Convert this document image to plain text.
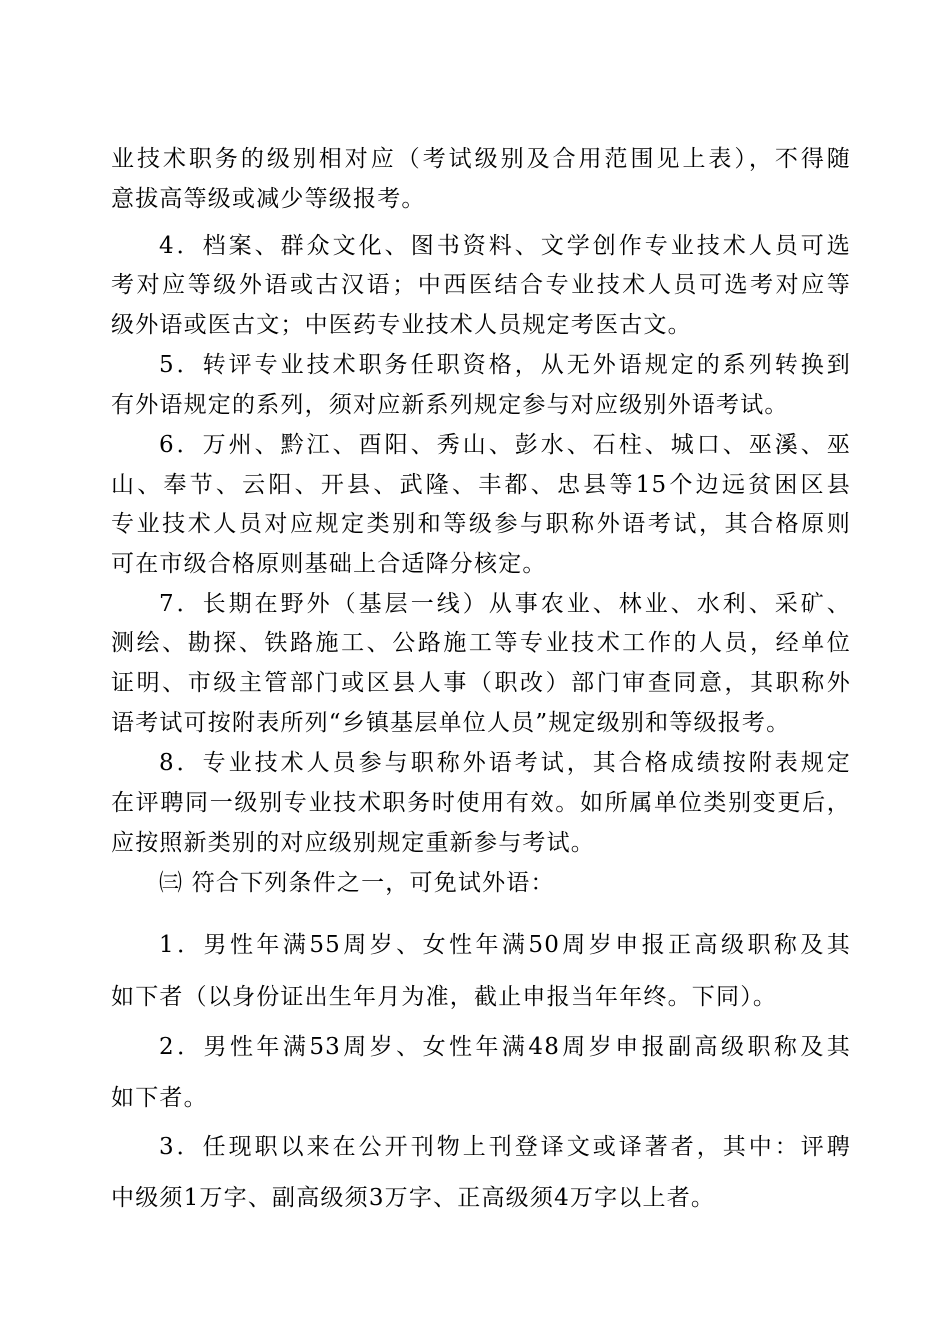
业技术职务的级别相对应（考试级别及合用范围见上表），不得随
意拔高等级或减少等级报考。
4．档案、群众文化、图书资料、文学创作专业技术人员可选
考对应等级外语或古汉语；中西医结合专业技术人员可选考对应等
级外语或医古文；中医药专业技术人员规定考医古文。
5．转评专业技术职务任职资格，从无外语规定的系列转换到
有外语规定的系列，须对应新系列规定参与对应级别外语考试。
6．万州、黔江、酉阳、秀山、彭水、石柱、城口、巫溪、巫
山、奉节、云阳、开县、武隆、丰都、忠县等15个边远贫困区县
专业技术人员对应规定类别和等级参与职称外语考试，其合格原则
可在市级合格原则基础上合适降分核定。
7．长期在野外（基层一线）从事农业、林业、水利、采矿、
测绘、勘探、铁路施工、公路施工等专业技术工作的人员，经单位
证明、市级主管部门或区县人事（职改）部门审查同意，其职称外
语考试可按附表所列“乡镇基层单位人员”规定级别和等级报考。
8．专业技术人员参与职称外语考试，其合格成绩按附表规定
在评聘同一级别专业技术职务时使用有效。如所属单位类别变更后，
应按照新类别的对应级别规定重新参与考试。
㈢ 符合下列条件之一，可免试外语：
1．男性年满55周岁、女性年满50周岁申报正高级职称及其
如下者（以身份证出生年月为准，截止申报当年年终。下同）。
2．男性年满53周岁、女性年满48周岁申报副高级职称及其
如下者。
3．任现职以来在公开刊物上刊登译文或译著者，其中：评聘
中级须1万字、副高级须3万字、正高级须4万字以上者。
